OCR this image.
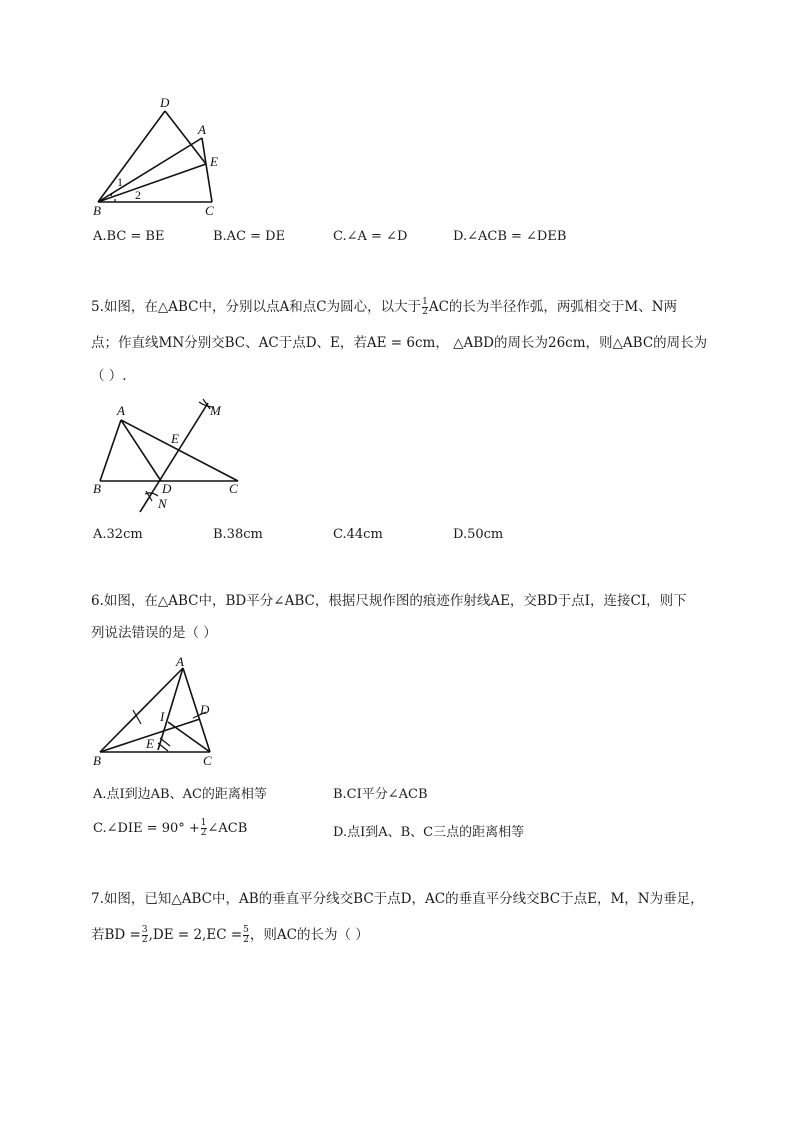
D
A
E
B	C
1
2
A.BC = BE	B.AC = DE	C.∠A = ∠D	D.∠ACB = ∠DEB
5.如图，在△ABC中，分别以点A和点C为圆心，以大于 $\frac{1}{2}$ AC的长为半径作弧，两弧相交于M、N两
点；作直线MN分别交BC、AC于点D、E，若AE = 6cm， △ABD的周长为26cm，则△ABC的周长为
（ ）.
A	M
E
B	D	C
N
A.32cm	B.38cm	C.44cm	D.50cm
6.如图，在△ABC中，BD平分∠ABC，根据尺规作图的痕迹作射线AE，交BD于点I，连接CI，则下
列说法错误的是（ ）
A
I	D
E
B	C
A.点I到边AB、AC的距离相等	B.CI平分∠ACB
C.∠DIE = $90^\circ + \frac{1}{2}$ ∠ACB	D.点I到A、B、C三点的距离相等
7.如图，已知△ABC中，AB的垂直平分线交BC于点D，AC的垂直平分线交BC于点E，M，N为垂足，
若BD = $\frac{3}{2} ,DE = 2,EC = \frac{5}{2}$ ，则AC的长为（ ）
